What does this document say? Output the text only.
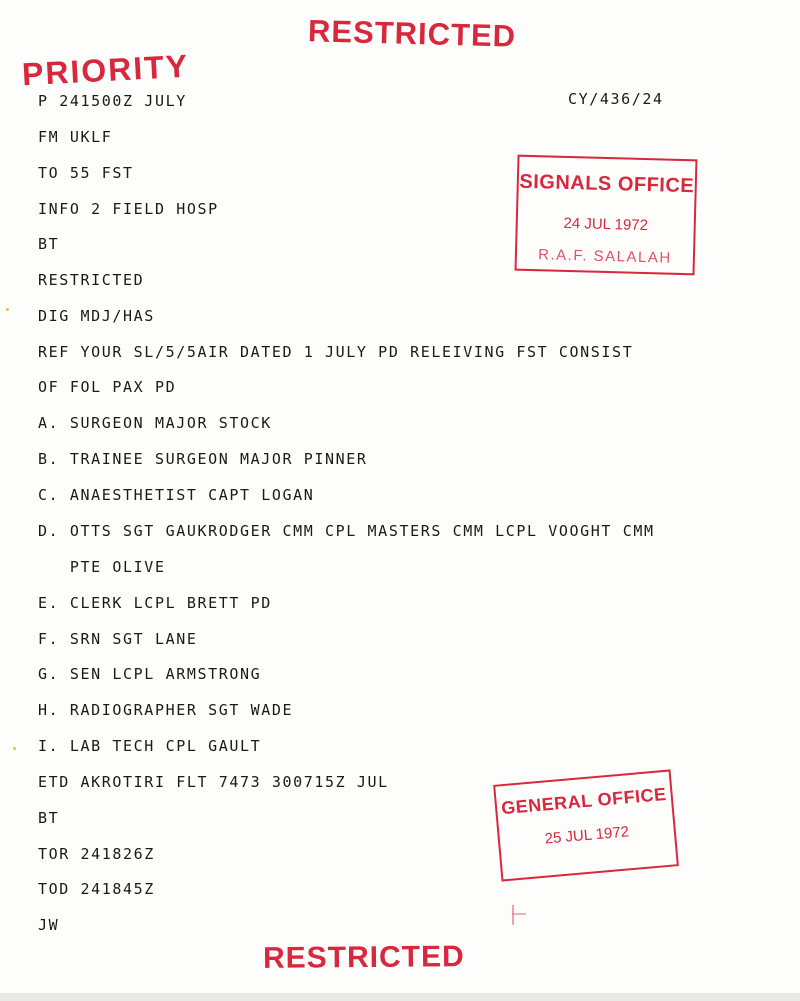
RESTRICTED
PRIORITY
CY/436/24
P 241500Z JULY
FM UKLF
TO 55 FST
INFO 2 FIELD HOSP
BT
RESTRICTED
DIG MDJ/HAS
REF YOUR SL/5/5AIR DATED 1 JULY PD RELEIVING FST CONSIST
OF FOL PAX PD
A. SURGEON MAJOR STOCK
B. TRAINEE SURGEON MAJOR PINNER
C. ANAESTHETIST CAPT LOGAN
D. OTTS SGT GAUKRODGER CMM CPL MASTERS CMM LCPL VOOGHT CMM
PTE OLIVE
E. CLERK LCPL BRETT PD
F. SRN SGT LANE
G. SEN LCPL ARMSTRONG
H. RADIOGRAPHER SGT WADE
I. LAB TECH CPL GAULT
ETD AKROTIRI FLT 7473 300715Z JUL
BT
TOR 241826Z
TOD 241845Z
JW
SIGNALS OFFICE
24 JUL 1972
R.A.F. SALALAH
GENERAL OFFICE
25 JUL 1972
RESTRICTED
